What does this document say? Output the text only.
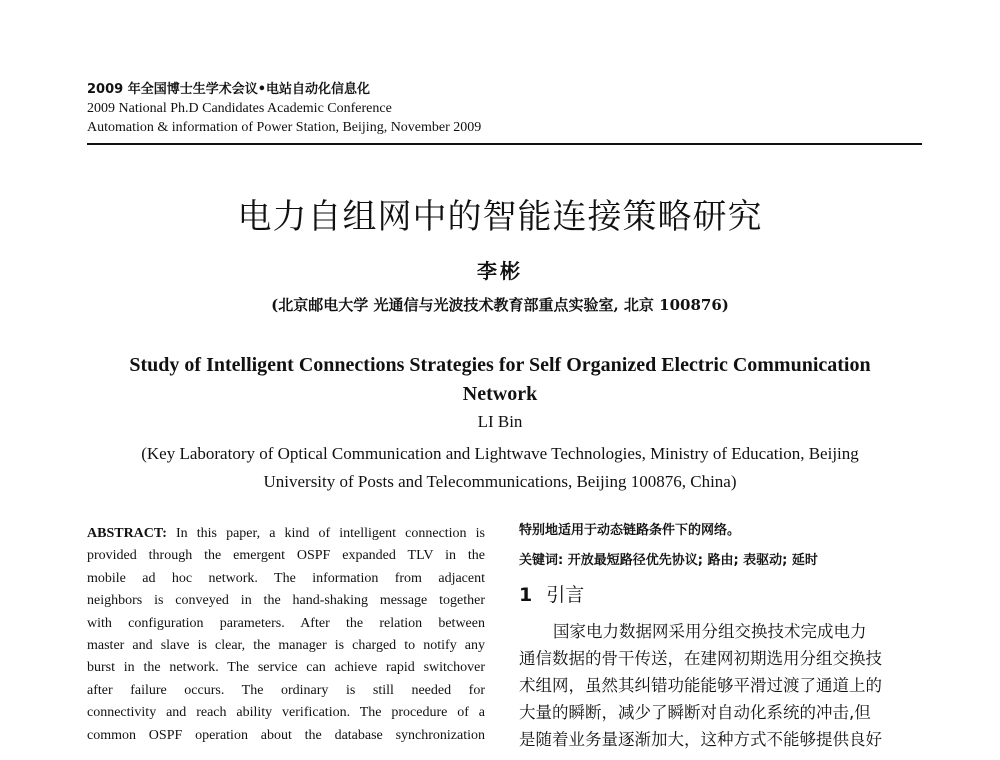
2009 年全国博士生学术会议•电站自动化信息化
2009 National Ph.D Candidates Academic Conference
Automation & information of Power Station, Beijing, November 2009
电力自组网中的智能连接策略研究
李彬
(北京邮电大学 光通信与光波技术教育部重点实验室, 北京 100876)
Study of Intelligent Connections Strategies for Self Organized Electric Communication
Network
LI Bin
(Key Laboratory of Optical Communication and Lightwave Technologies, Ministry of Education, Beijing
University of Posts and Telecommunications, Beijing 100876, China)
ABSTRACT: In this paper, a kind of intelligent connection is
provided through the emergent OSPF expanded TLV in the
mobile ad hoc network. The information from adjacent
neighbors is conveyed in the hand-shaking message together
with configuration parameters. After the relation between
master and slave is clear, the manager is charged to notify any
burst in the network. The service can achieve rapid switchover
after failure occurs. The ordinary is still needed for
connectivity and reach ability verification. The procedure of a
common OSPF operation about the database synchronization
特别地适用于动态链路条件下的网络。
关键词: 开放最短路径优先协议; 路由; 表驱动; 延时
1 引言
国家电力数据网采用分组交换技术完成电力
通信数据的骨干传送，在建网初期选用分组交换技
术组网，虽然其纠错功能能够平滑过渡了通道上的
大量的瞬断，减少了瞬断对自动化系统的冲击,但
是随着业务量逐渐加大，这种方式不能够提供良好
